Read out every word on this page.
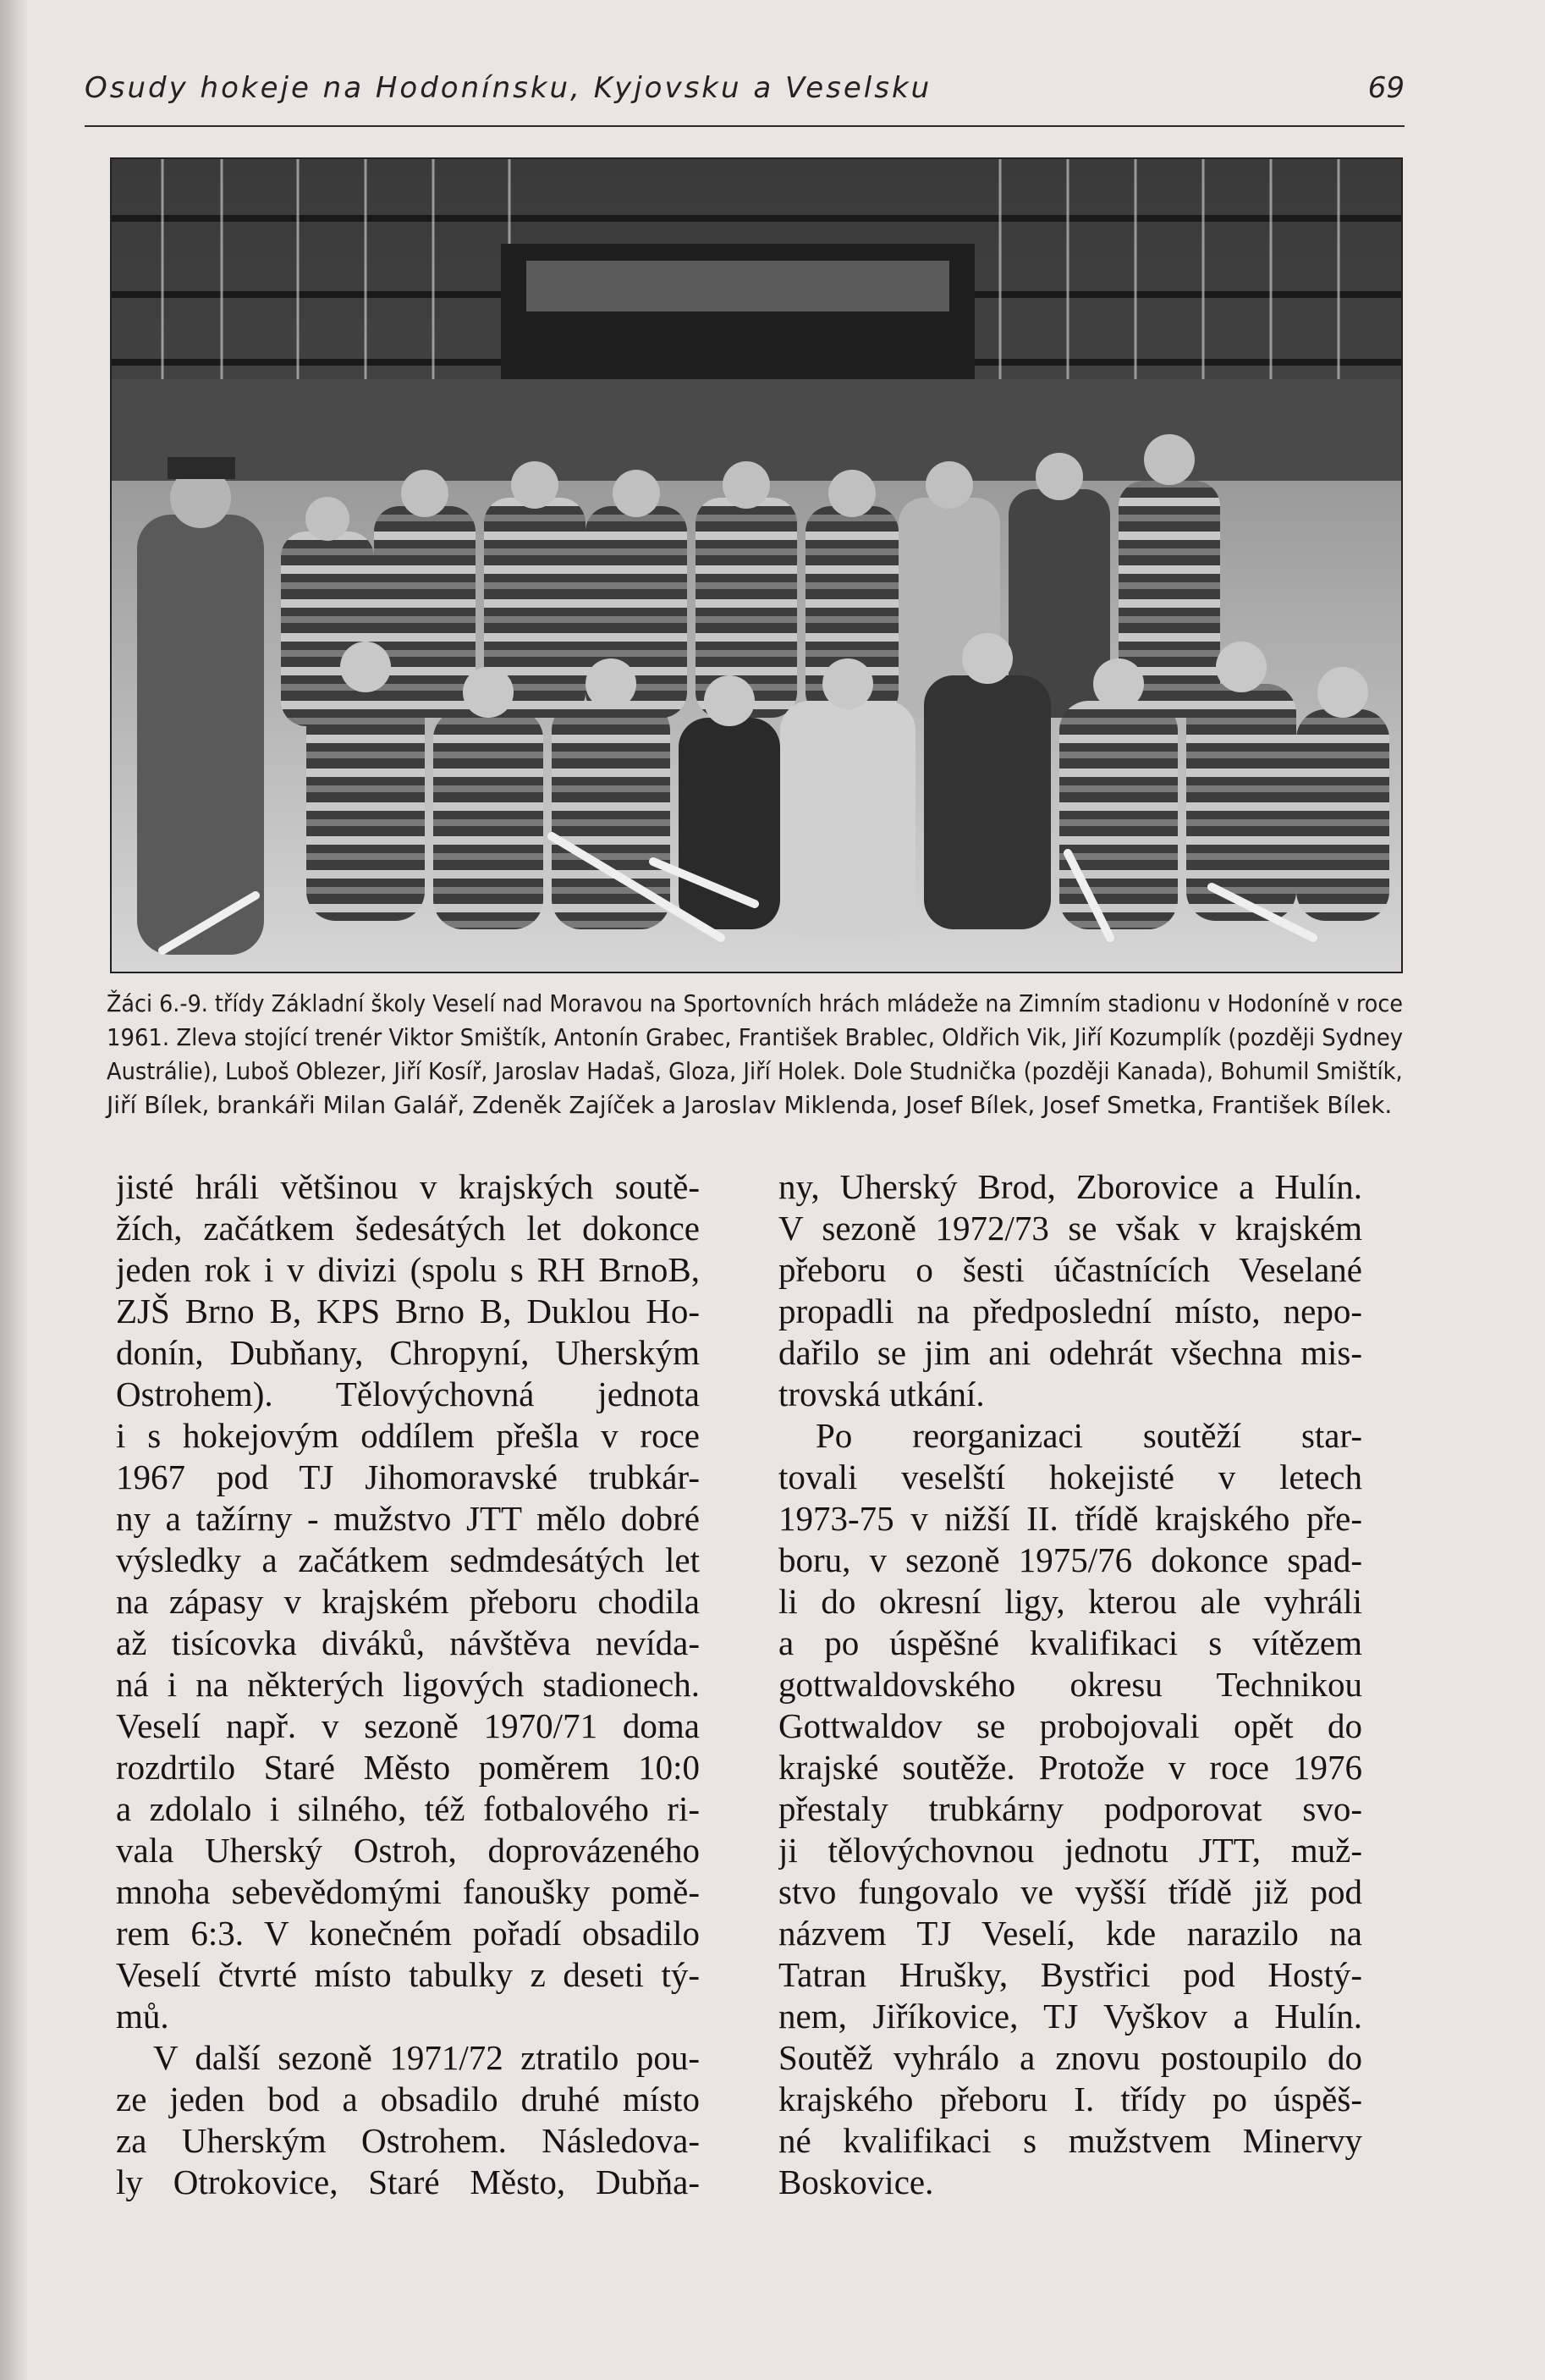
Osudy hokeje na Hodonínsku, Kyjovsku a Veselsku	69
Žáci 6.-9. třídy Základní školy Veselí nad Moravou na Sportovních hrách mládeže na Zimním stadionu v Hodoníně v roce
1961. Zleva stojící trenér Viktor Smištík, Antonín Grabec, František Brablec, Oldřich Vik, Jiří Kozumplík (později Sydney
Austrálie), Luboš Oblezer, Jiří Kosíř, Jaroslav Hadaš, Gloza, Jiří Holek. Dole Studnička (později Kanada), Bohumil Smištík,
Jiří Bílek, brankáři Milan Galář, Zdeněk Zajíček a Jaroslav Miklenda, Josef Bílek, Josef Smetka, František Bílek.
jisté hráli většinou v krajských soutě-
žích, začátkem šedesátých let dokonce
jeden rok i v divizi (spolu s RH BrnoB,
ZJŠ Brno B, KPS Brno B, Duklou Ho-
donín, Dubňany, Chropyní, Uherským
Ostrohem). Tělovýchovná jednota
i s hokejovým oddílem přešla v roce
1967 pod TJ Jihomoravské trubkár-
ny a tažírny - mužstvo JTT mělo dobré
výsledky a začátkem sedmdesátých let
na zápasy v krajském přeboru chodila
až tisícovka diváků, návštěva nevída-
ná i na některých ligových stadionech.
Veselí např. v sezoně 1970/71 doma
rozdrtilo Staré Město poměrem 10:0
a zdolalo i silného, též fotbalového ri-
vala Uherský Ostroh, doprovázeného
mnoha sebevědomými fanoušky pomě-
rem 6:3. V konečném pořadí obsadilo
Veselí čtvrté místo tabulky z deseti tý-
mů.
V další sezoně 1971/72 ztratilo pou-
ze jeden bod a obsadilo druhé místo
za Uherským Ostrohem. Následova-
ly Otrokovice, Staré Město, Dubňa-
ny, Uherský Brod, Zborovice a Hulín.
V sezoně 1972/73 se však v krajském
přeboru o šesti účastnících Veselané
propadli na předposlední místo, nepo-
dařilo se jim ani odehrát všechna mis-
trovská utkání.
Po reorganizaci soutěží star-
tovali veselští hokejisté v letech
1973-75 v nižší II. třídě krajského pře-
boru, v sezoně 1975/76 dokonce spad-
li do okresní ligy, kterou ale vyhráli
a po úspěšné kvalifikaci s vítězem
gottwaldovského okresu Technikou
Gottwaldov se probojovali opět do
krajské soutěže. Protože v roce 1976
přestaly trubkárny podporovat svo-
ji tělovýchovnou jednotu JTT, muž-
stvo fungovalo ve vyšší třídě již pod
názvem TJ Veselí, kde narazilo na
Tatran Hrušky, Bystřici pod Hostý-
nem, Jiříkovice, TJ Vyškov a Hulín.
Soutěž vyhrálo a znovu postoupilo do
krajského přeboru I. třídy po úspěš-
né kvalifikaci s mužstvem Minervy
Boskovice.
